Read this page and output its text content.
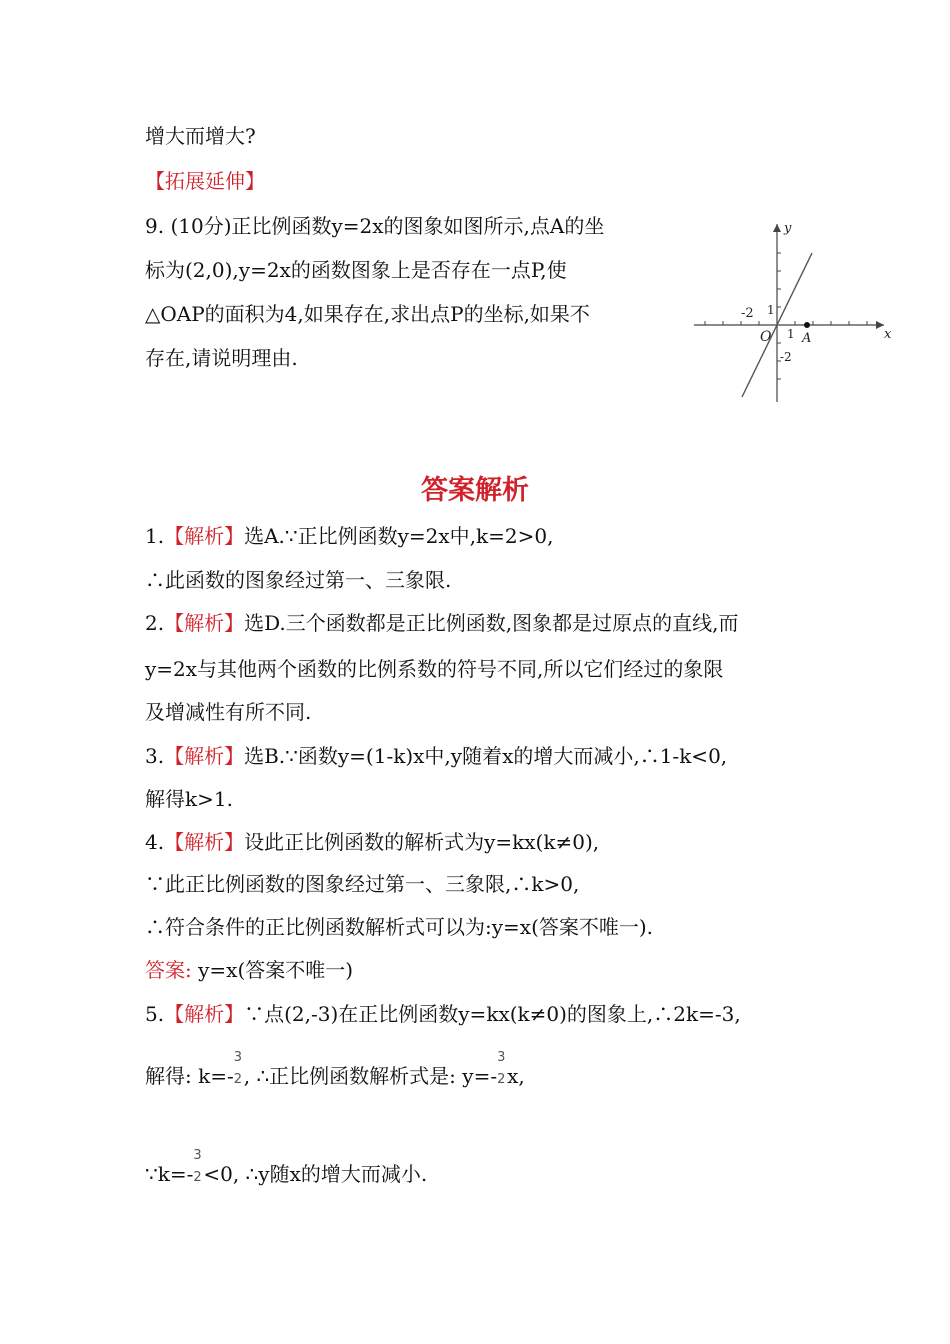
增大而增大?
【拓展延伸】
9. (10分)正比例函数y=2x的图象如图所示,点A的坐
标为(2,0),y=2x的函数图象上是否存在一点P,使
△OAP的面积为4,如果存在,求出点P的坐标,如果不
存在,请说明理由.
x
y
O A
-2
1
1
-2
答案解析
1.【解析】选A.∵正比例函数y=2x中,k=2>0,
∴此函数的图象经过第一、三象限.
2.【解析】选D.三个函数都是正比例函数,图象都是过原点的直线,而
y=2x与其他两个函数的比例系数的符号不同,所以它们经过的象限
及增减性有所不同.
3.【解析】选B.∵函数y=(1-k)x中,y随着x的增大而减小,∴1-k<0,
解得k>1.
4.【解析】设此正比例函数的解析式为y=kx(k≠0),
∵此正比例函数的图象经过第一、三象限,∴k>0,
∴符合条件的正比例函数解析式可以为:y=x(答案不唯一).
答案: y=x(答案不唯一)
5.【解析】∵点(2,-3)在正比例函数y=kx(k≠0)的图象上,∴2k=-3,
解得: k=-
3
2 , ∴正比例函数解析式是: y=-
3
2 x,
∵k=-
3
2 <0, ∴y随x的增大而减小.
